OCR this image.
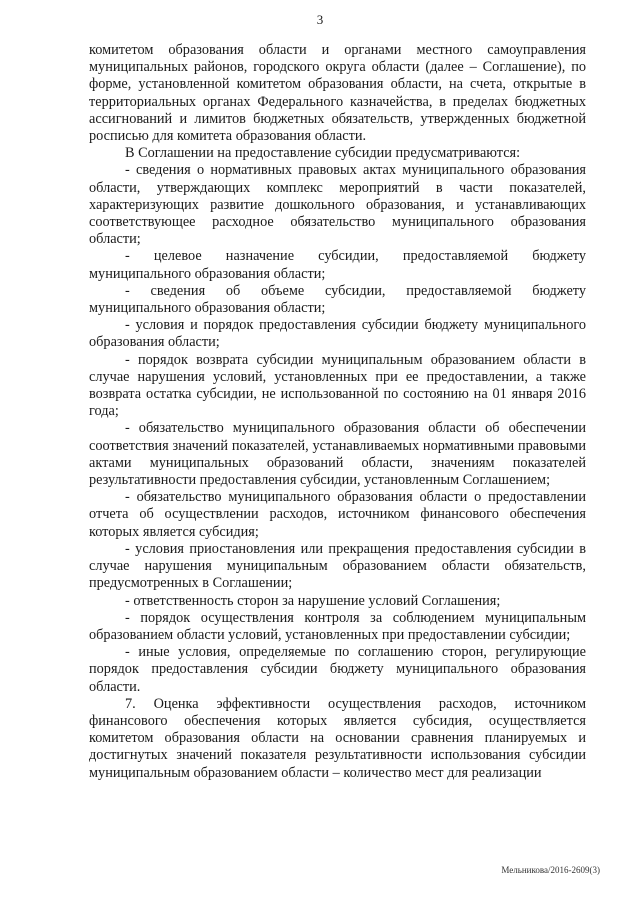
3

комитетом образования области и органами местного самоуправления муниципальных районов, городского округа области (далее – Соглашение), по форме, установленной комитетом образования области, на счета, открытые в территориальных органах Федерального казначейства, в пределах бюджетных ассигнований и лимитов бюджетных обязательств, утвержденных бюджетной росписью для комитета образования области.

В Соглашении на предоставление субсидии предусматриваются:

- сведения о нормативных правовых актах муниципального образования области, утверждающих комплекс мероприятий в части показателей, характеризующих развитие дошкольного образования, и устанавливающих соответствующее расходное обязательство муниципального образования области;

- целевое назначение субсидии, предоставляемой бюджету муниципального образования области;

- сведения об объеме субсидии, предоставляемой бюджету муниципального образования области;

- условия и порядок предоставления субсидии бюджету муниципального образования области;

- порядок возврата субсидии муниципальным образованием области в случае нарушения условий, установленных при ее предоставлении, а также возврата остатка субсидии, не использованной по состоянию на 01 января 2016 года;

- обязательство муниципального образования области об обеспечении соответствия значений показателей, устанавливаемых нормативными правовыми актами муниципальных образований области, значениям показателей результативности предоставления субсидии, установленным Соглашением;

- обязательство муниципального образования области о предоставлении отчета об осуществлении расходов, источником финансового обеспечения которых является субсидия;

- условия приостановления или прекращения предоставления субсидии в случае нарушения муниципальным образованием области обязательств, предусмотренных в Соглашении;

- ответственность сторон за нарушение условий Соглашения;

- порядок осуществления контроля за соблюдением муниципальным образованием области условий, установленных при предоставлении субсидии;

- иные условия, определяемые по соглашению сторон, регулирующие порядок предоставления субсидии бюджету муниципального образования области.

7. Оценка эффективности осуществления расходов, источником финансового обеспечения которых является субсидия, осуществляется комитетом образования области на основании сравнения планируемых и достигнутых значений показателя результативности использования субсидии муниципальным образованием области – количество мест для реализации

Мельникова/2016-2609(3)
